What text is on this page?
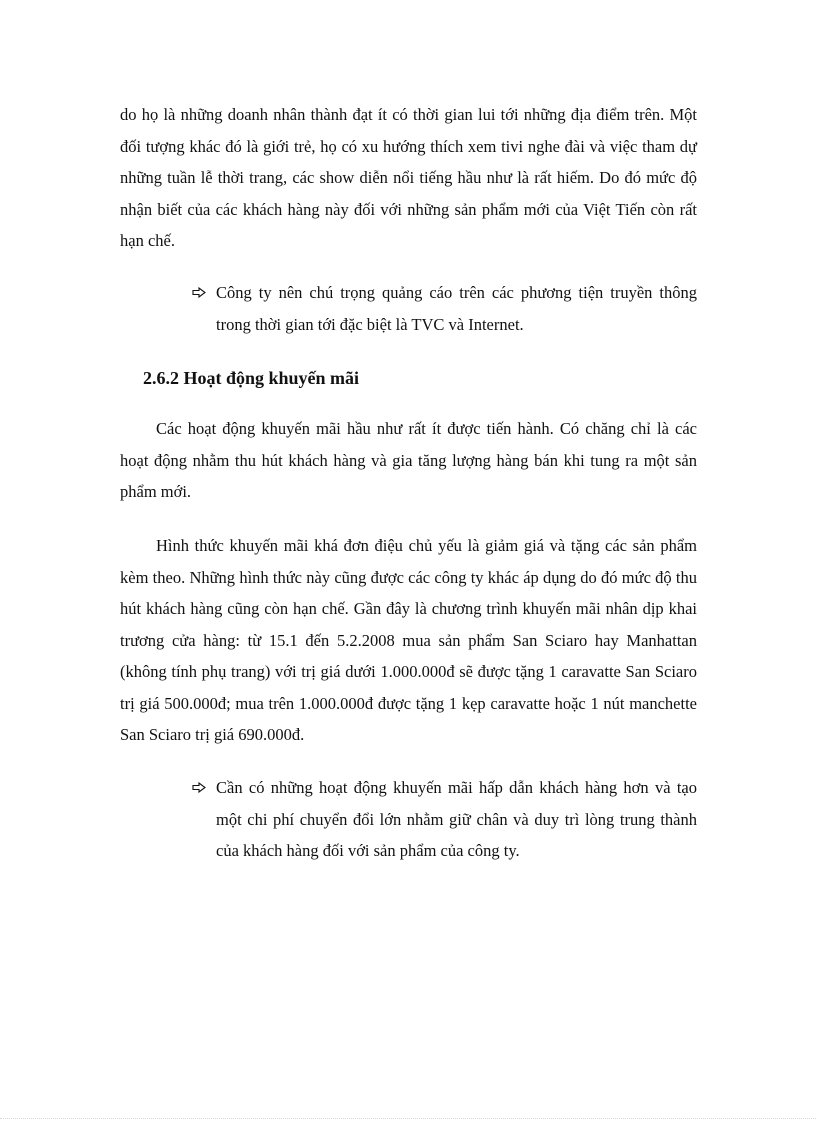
do họ là những doanh nhân thành đạt ít có thời gian lui tới những địa điểm trên. Một đối tượng khác đó là giới trẻ, họ có xu hướng thích xem tivi nghe đài và việc tham dự những tuần lễ thời trang, các show diễn nổi tiếng hầu như là rất hiếm. Do đó mức độ nhận biết của các khách hàng này đối với những sản phẩm mới của Việt Tiến còn rất hạn chế.

Công ty nên chú trọng quảng cáo trên các phương tiện truyền thông trong thời gian tới đặc biệt là TVC và Internet.
2.6.2 Hoạt động khuyến mãi

Các hoạt động khuyến mãi hầu như rất ít được tiến hành. Có chăng chỉ là các hoạt động nhằm thu hút khách hàng và gia tăng lượng hàng bán khi tung ra một sản phẩm mới.

Hình thức khuyến mãi khá đơn điệu chủ yếu là giảm giá và tặng các sản phẩm kèm theo. Những hình thức này cũng được các công ty khác áp dụng do đó mức độ thu hút khách hàng cũng còn hạn chế. Gần đây là chương trình khuyến mãi nhân dịp khai trương cửa hàng: từ 15.1 đến 5.2.2008 mua sản phẩm San Sciaro hay Manhattan (không tính phụ trang) với trị giá dưới 1.000.000đ sẽ được tặng 1 caravatte San Sciaro trị giá 500.000đ; mua trên 1.000.000đ được tặng 1 kẹp caravatte hoặc 1 nút manchette San Sciaro trị giá 690.000đ.

Cần có những hoạt động khuyến mãi hấp dẫn khách hàng hơn và tạo một chi phí chuyển đổi lớn nhằm giữ chân và duy trì lòng trung thành của khách hàng đối với sản phẩm của công ty.
